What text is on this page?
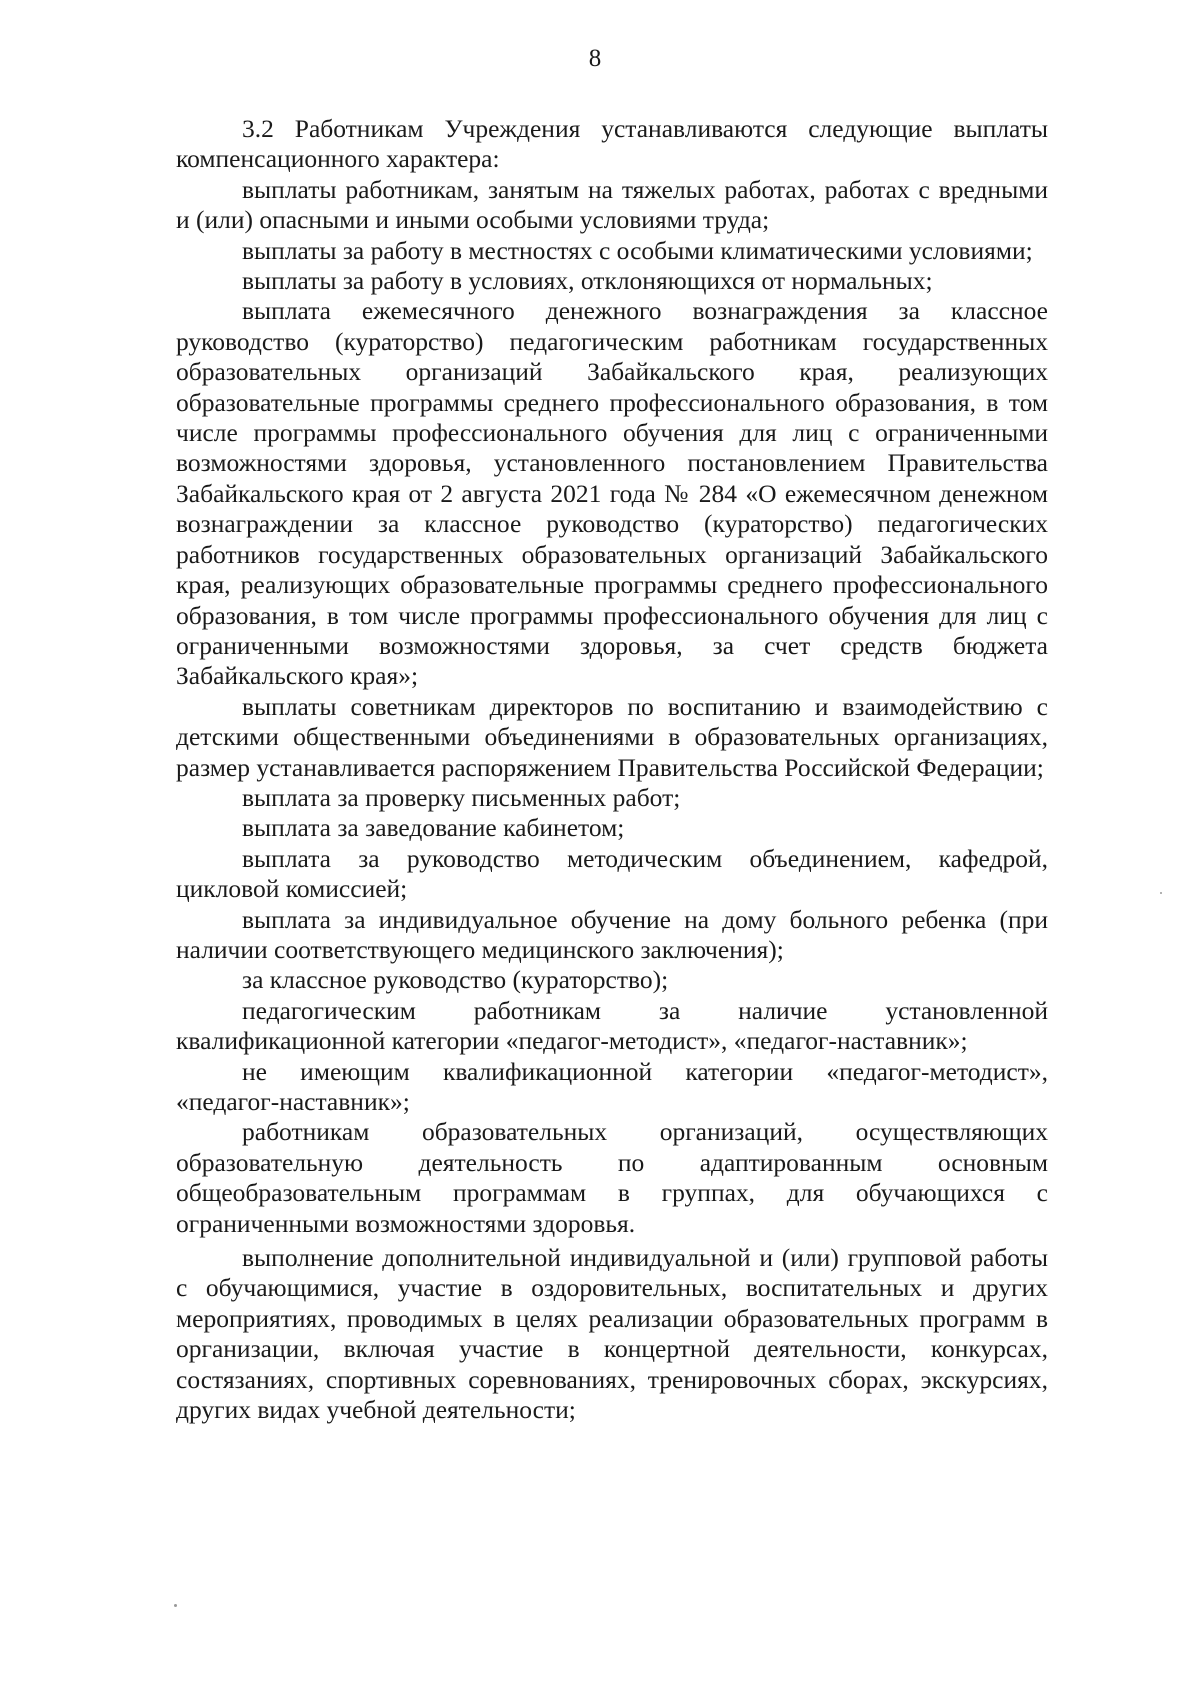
8

3.2 Работникам Учреждения устанавливаются следующие выплаты компенсационного характера:

выплаты работникам, занятым на тяжелых работах, работах с вредными и (или) опасными и иными особыми условиями труда;

выплаты за работу в местностях с особыми климатическими условиями;

выплаты за работу в условиях, отклоняющихся от нормальных;

выплата ежемесячного денежного вознаграждения за классное руководство (кураторство) педагогическим работникам государственных образовательных организаций Забайкальского края, реализующих образовательные программы среднего профессионального образования, в том числе программы профессионального обучения для лиц с ограниченными возможностями здоровья, установленного постановлением Правительства Забайкальского края от 2 августа 2021 года № 284 «О ежемесячном денежном вознаграждении за классное руководство (кураторство) педагогических работников государственных образовательных организаций Забайкальского края, реализующих образовательные программы среднего профессионального образования, в том числе программы профессионального обучения для лиц с ограниченными возможностями здоровья, за счет средств бюджета Забайкальского края»;

выплаты советникам директоров по воспитанию и взаимодействию с детскими общественными объединениями в образовательных организациях, размер устанавливается распоряжением Правительства Российской Федерации;

выплата за проверку письменных работ;

выплата за заведование кабинетом;

выплата за руководство методическим объединением, кафедрой, цикловой комиссией;

выплата за индивидуальное обучение на дому больного ребенка (при наличии соответствующего медицинского заключения);

за классное руководство (кураторство);

педагогическим работникам за наличие установленной квалификационной категории «педагог-методист», «педагог-наставник»;

не имеющим квалификационной категории «педагог-методист», «педагог-наставник»;

работникам образовательных организаций, осуществляющих образовательную деятельность по адаптированным основным общеобразовательным программам в группах, для обучающихся с ограниченными возможностями здоровья.

выполнение дополнительной индивидуальной и (или) групповой работы с обучающимися, участие в оздоровительных, воспитательных и других мероприятиях, проводимых в целях реализации образовательных программ в организации, включая участие в концертной деятельности, конкурсах, состязаниях, спортивных соревнованиях, тренировочных сборах, экскурсиях, других видах учебной деятельности;
